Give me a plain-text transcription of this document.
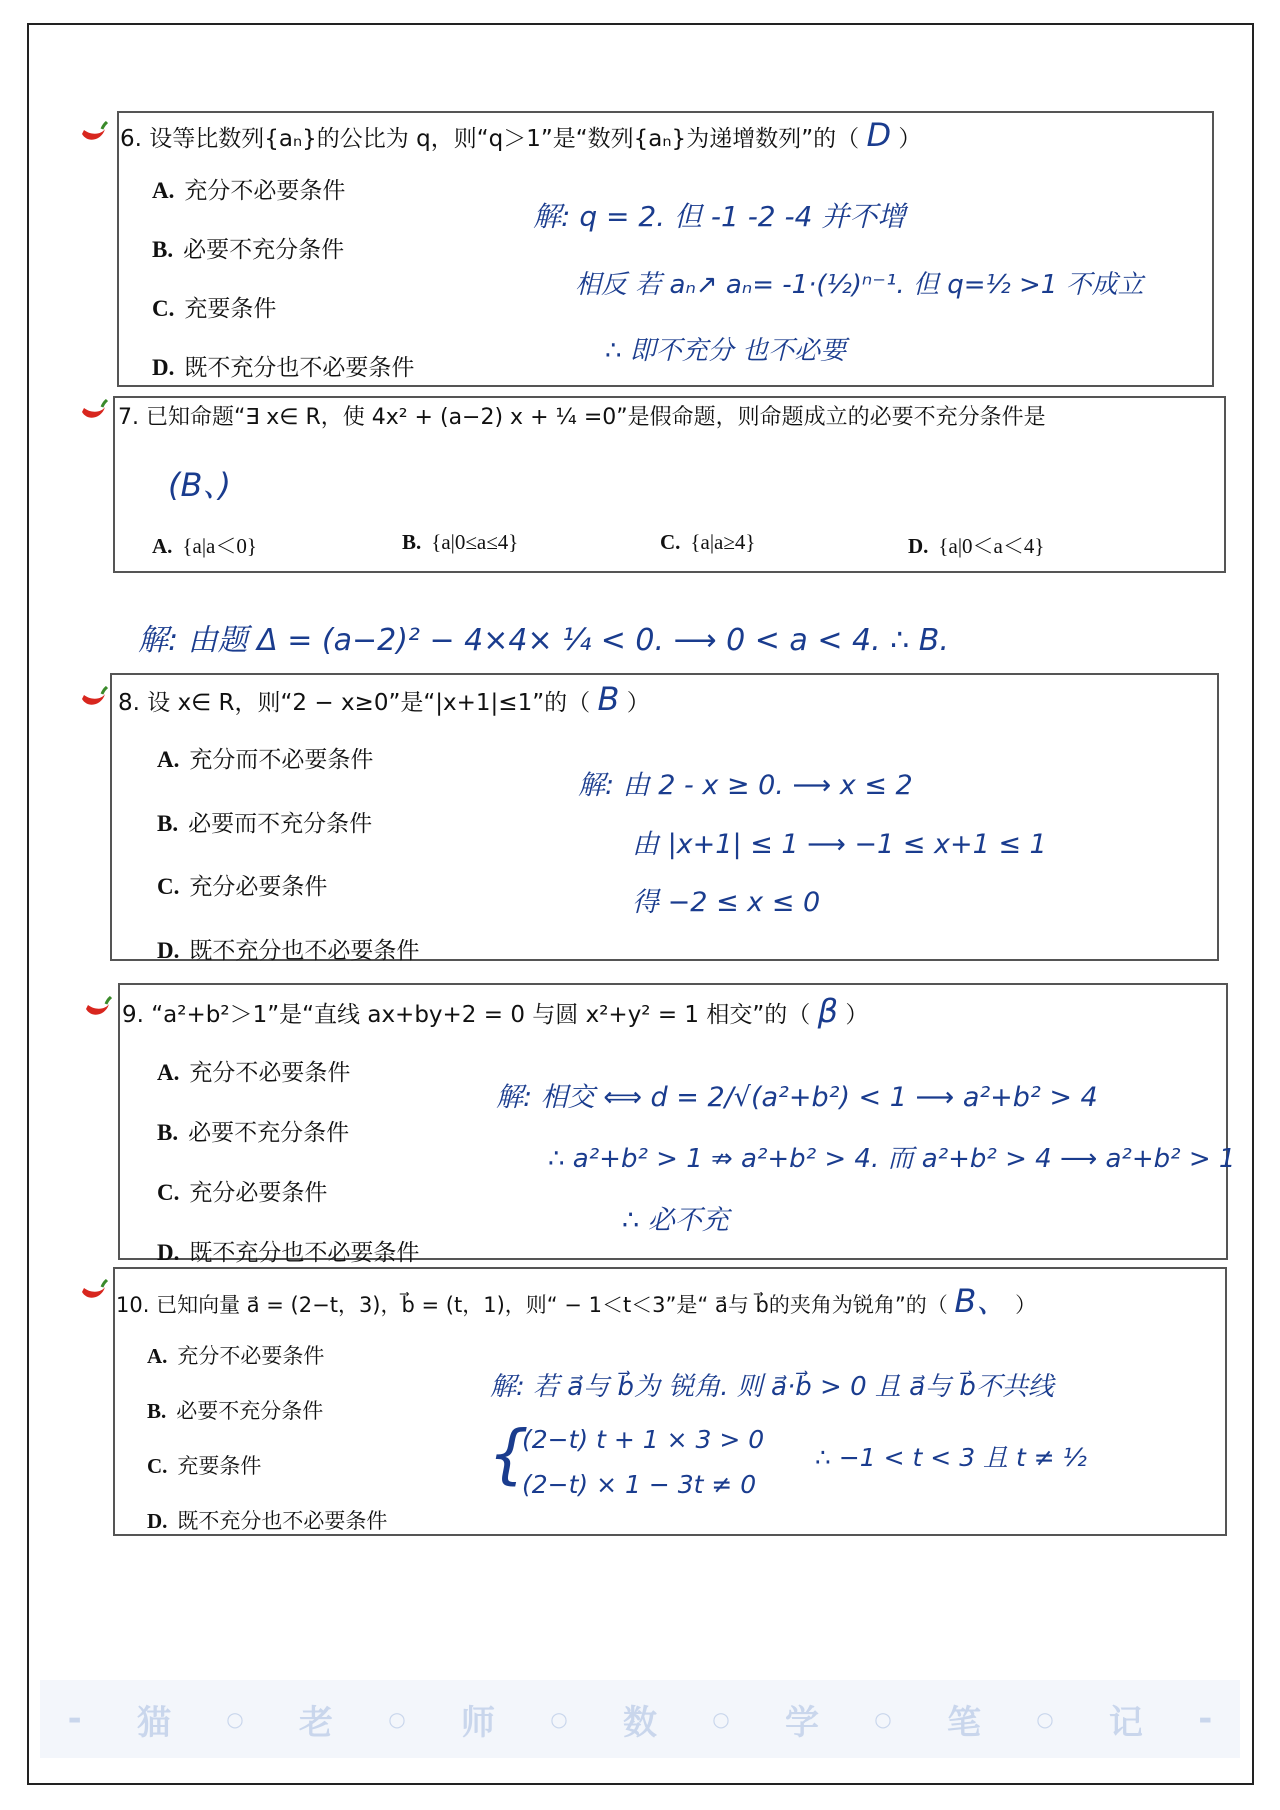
6. 设等比数列{aₙ}的公比为 q，则“q＞1”是“数列{aₙ}为递增数列”的（ D ）
A. 充分不必要条件
B. 必要不充分条件
C. 充要条件
D. 既不充分也不必要条件
解: q = 2. 但 -1 -2 -4 并不增
相反 若 aₙ↗ aₙ= -1·(½)ⁿ⁻¹. 但 q=½ >1 不成立
∴ 即不充分 也不必要
7. 已知命题“∃ x∈ R，使 4x² + (a−2) x + ¼ =0”是假命题，则命题成立的必要不充分条件是
(B、)
A. {a|a＜0}	B. {a|0≤a≤4}	C. {a|a≥4}	D. {a|0＜a＜4}
解: 由题 Δ = (a−2)² − 4×4× ¼ < 0. ⟶ 0 < a < 4. ∴ B.
8. 设 x∈ R，则“2 − x≥0”是“|x+1|≤1”的（ B ）
A. 充分而不必要条件
B. 必要而不充分条件
C. 充分必要条件
D. 既不充分也不必要条件
解: 由 2 - x ≥ 0. ⟶ x ≤ 2
由 |x+1| ≤ 1 ⟶ −1 ≤ x+1 ≤ 1
得 −2 ≤ x ≤ 0
9. “a²+b²＞1”是“直线 ax+by+2 = 0 与圆 x²+y² = 1 相交”的（ β ）
A. 充分不必要条件
B. 必要不充分条件
C. 充分必要条件
D. 既不充分也不必要条件
解: 相交 ⟺ d = 2/√(a²+b²) < 1 ⟶ a²+b² > 4
∴ a²+b² > 1 ⇏ a²+b² > 4. 而 a²+b² > 4 ⟶ a²+b² > 1
∴ 必不充
10. 已知向量 a⃗ = (2−t，3)，b⃗ = (t，1)，则“ − 1＜t＜3”是“ a⃗与 b⃗的夹角为锐角”的（ B、 ）
A. 充分不必要条件
B. 必要不充分条件
C. 充要条件
D. 既不充分也不必要条件
解: 若 a⃗与 b⃗为 锐角. 则 a⃗·b⃗ > 0 且 a⃗与 b⃗不共线
{
(2−t) t + 1 × 3 > 0
(2−t) × 1 − 3t ≠ 0
∴ −1 < t < 3 且 t ≠ ½
- 猫	○ 老	○ 师	○ 数	○ 学	○ 笔	○ 记 -
